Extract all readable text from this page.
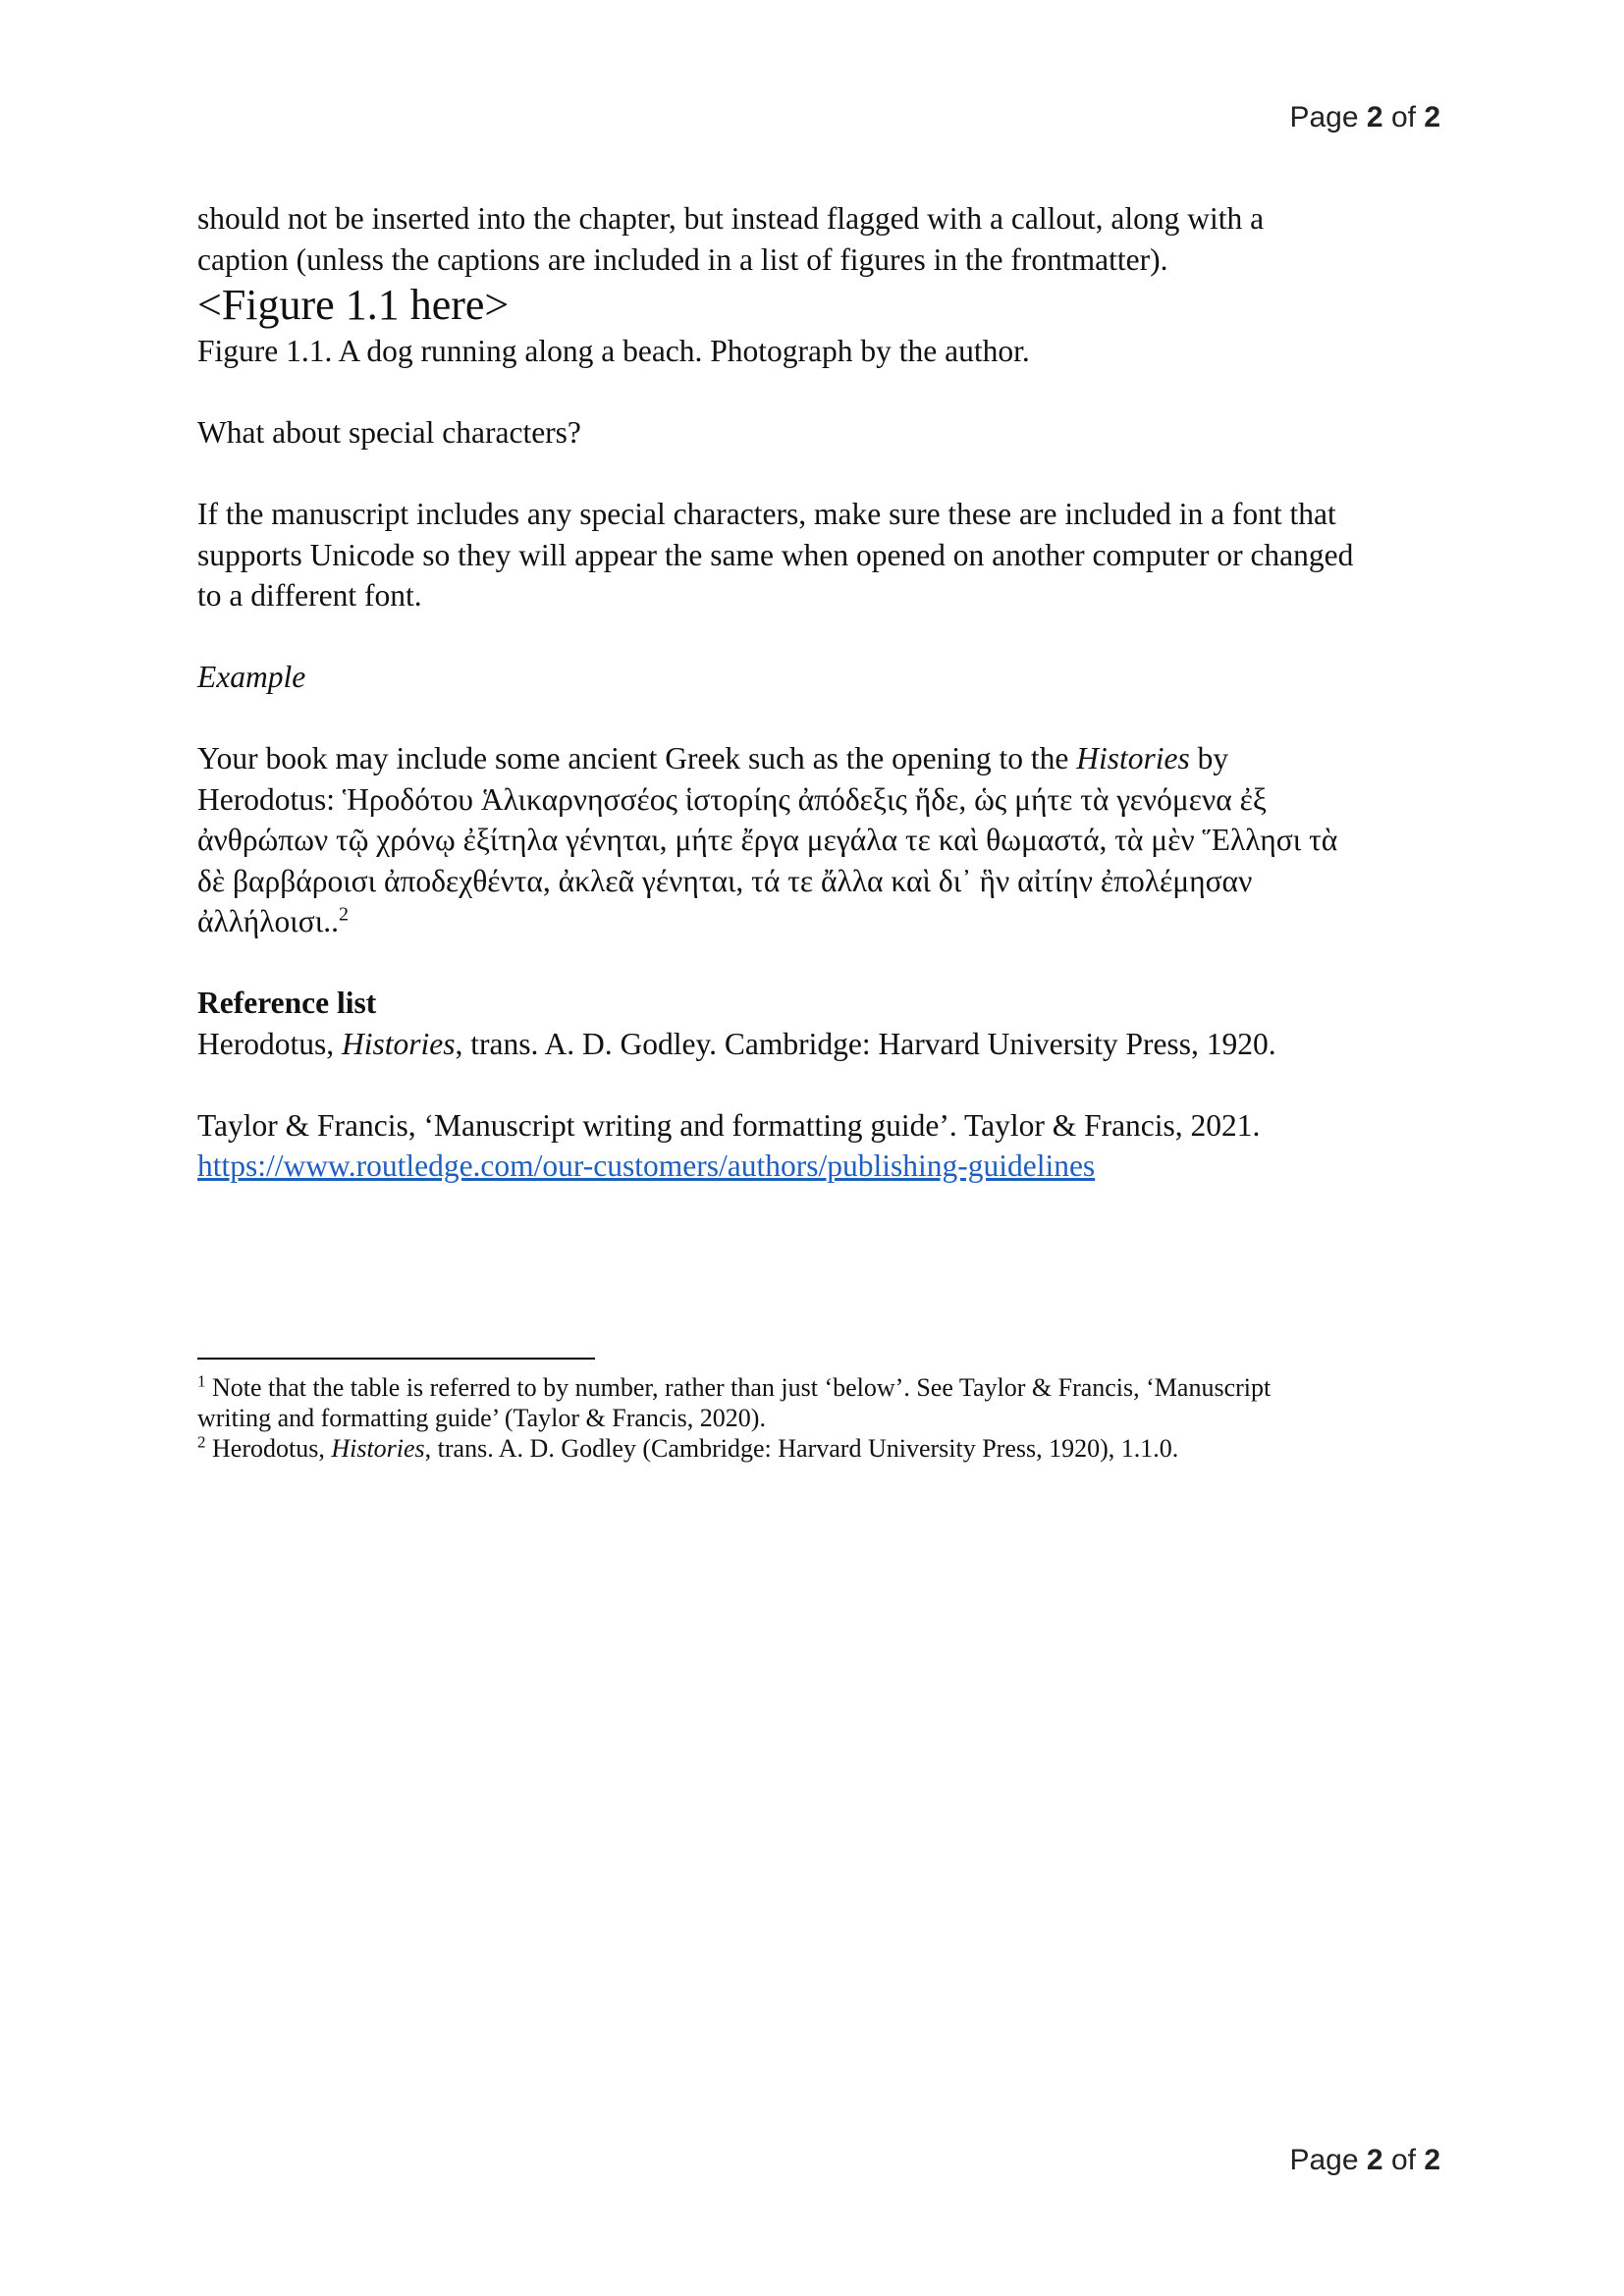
Page 2 of 2

should not be inserted into the chapter, but instead flagged with a callout, along with a

caption (unless the captions are included in a list of figures in the frontmatter).

<Figure 1.1 here>

Figure 1.1. A dog running along a beach. Photograph by the author.

What about special characters?

If the manuscript includes any special characters, make sure these are included in a font that

supports Unicode so they will appear the same when opened on another computer or changed

to a different font.

Example

Your book may include some ancient Greek such as the opening to the Histories by

Herodotus: Ἡροδότου Ἁλικαρνησσέος ἱστορίης ἀπόδεξις ἥδε, ὡς μήτε τὰ γενόμενα ἐξ

ἀνθρώπων τῷ χρόνῳ ἐξίτηλα γένηται, μήτε ἔργα μεγάλα τε καὶ θωμαστά, τὰ μὲν Ἕλλησι τὰ

δὲ βαρβάροισι ἀποδεχθέντα, ἀκλεᾶ γένηται, τά τε ἄλλα καὶ δι᾽ ἣν αἰτίην ἐπολέμησαν

ἀλλήλοισι..$^2$

Reference list

Herodotus, Histories, trans. A. D. Godley. Cambridge: Harvard University Press, 1920.

Taylor & Francis, ‘Manuscript writing and formatting guide’. Taylor & Francis, 2021.

https://www.routledge.com/our-customers/authors/publishing-guidelines

$^1$ Note that the table is referred to by number, rather than just ‘below’. See Taylor & Francis, ‘Manuscript

writing and formatting guide’ (Taylor & Francis, 2020).

$^2$ Herodotus, Histories, trans. A. D. Godley (Cambridge: Harvard University Press, 1920), 1.1.0.

Page 2 of 2
